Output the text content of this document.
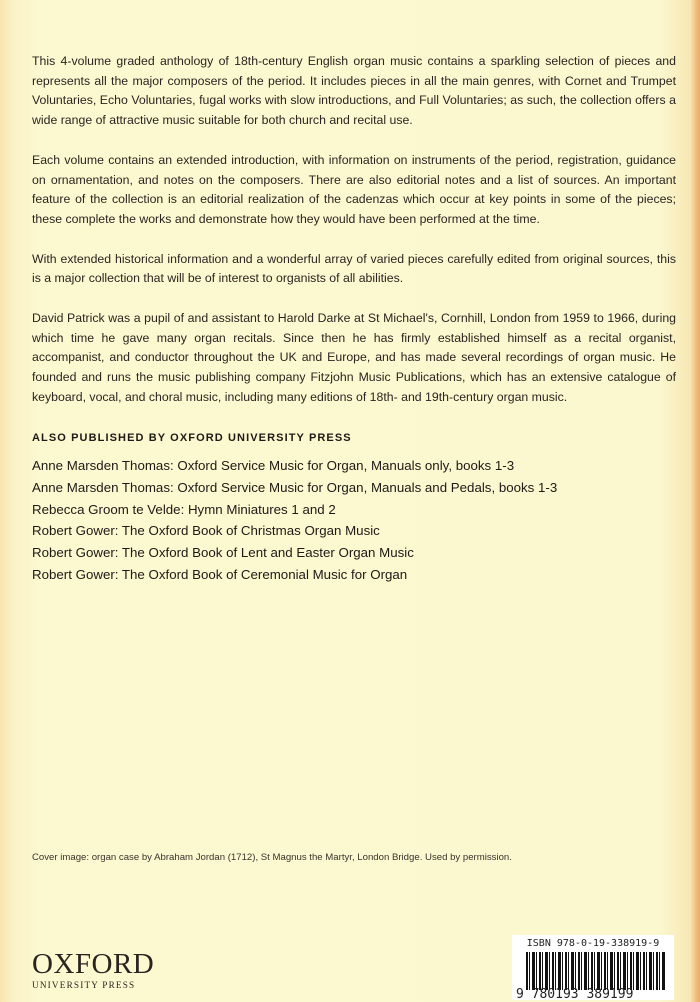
This 4-volume graded anthology of 18th-century English organ music contains a sparkling selection of pieces and represents all the major composers of the period. It includes pieces in all the main genres, with Cornet and Trumpet Voluntaries, Echo Voluntaries, fugal works with slow introductions, and Full Voluntaries; as such, the collection offers a wide range of attractive music suitable for both church and recital use.

Each volume contains an extended introduction, with information on instruments of the period, registration, guidance on ornamentation, and notes on the composers. There are also editorial notes and a list of sources. An important feature of the collection is an editorial realization of the cadenzas which occur at key points in some of the pieces; these complete the works and demonstrate how they would have been performed at the time.

With extended historical information and a wonderful array of varied pieces carefully edited from original sources, this is a major collection that will be of interest to organists of all abilities.

David Patrick was a pupil of and assistant to Harold Darke at St Michael's, Cornhill, London from 1959 to 1966, during which time he gave many organ recitals. Since then he has firmly established himself as a recital organist, accompanist, and conductor throughout the UK and Europe, and has made several recordings of organ music. He founded and runs the music publishing company Fitzjohn Music Publications, which has an extensive catalogue of keyboard, vocal, and choral music, including many editions of 18th- and 19th-century organ music.

ALSO PUBLISHED BY OXFORD UNIVERSITY PRESS
Anne Marsden Thomas: Oxford Service Music for Organ, Manuals only, books 1-3
Anne Marsden Thomas: Oxford Service Music for Organ, Manuals and Pedals, books 1-3
Rebecca Groom te Velde: Hymn Miniatures 1 and 2
Robert Gower: The Oxford Book of Christmas Organ Music
Robert Gower: The Oxford Book of Lent and Easter Organ Music
Robert Gower: The Oxford Book of Ceremonial Music for Organ
Cover image: organ case by Abraham Jordan (1712), St Magnus the Martyr, London Bridge. Used by permission.
OXFORD
UNIVERSITY PRESS
ISBN 978-0-19-338919-9
9 780193 389199
